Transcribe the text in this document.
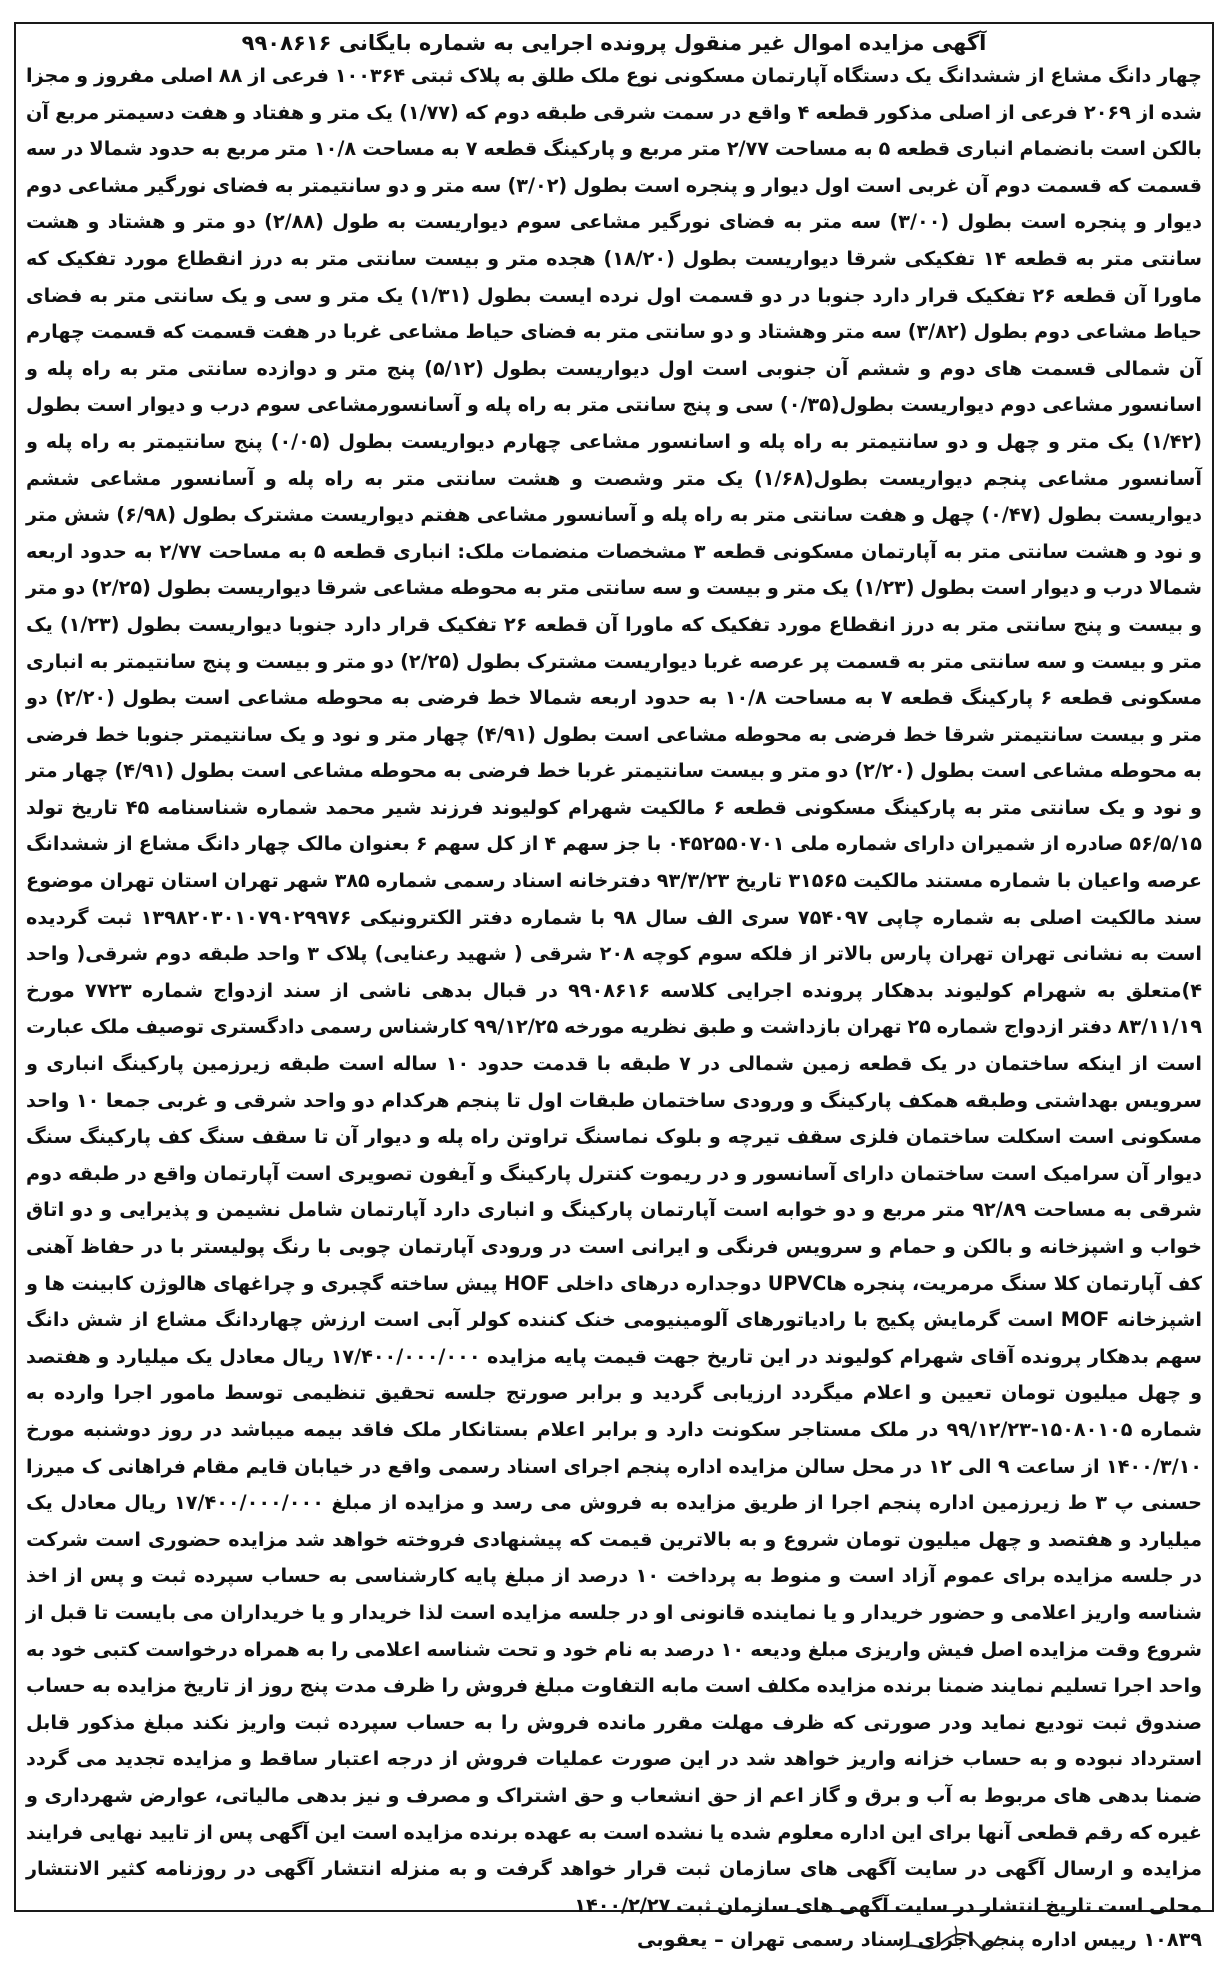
آگهی مزایده اموال غیر منقول پرونده اجرایی به شماره بایگانی ۹۹۰۸۶۱۶

چهار دانگ مشاع از ششدانگ یک دستگاه آپارتمان مسکونی نوع ملک طلق به پلاک ثبتی ۱۰۰۳۶۴ فرعی از ۸۸ اصلی مفروز و مجزا شده از ۲۰۶۹ فرعی از اصلی مذکور قطعه ۴ واقع در سمت شرقی طبقه دوم که (۱/۷۷) یک متر و هفتاد و هفت دسیمتر مربع آن بالکن است بانضمام انباری قطعه ۵ به مساحت ۲/۷۷ متر مربع و پارکینگ قطعه ۷ به مساحت ۱۰/۸ متر مربع به حدود شمالا در سه قسمت که قسمت دوم آن غربی است اول دیوار و پنجره است بطول (۳/۰۲) سه متر و دو سانتیمتر به فضای نورگیر مشاعی دوم دیوار و پنجره است بطول (۳/۰۰) سه متر به فضای نورگیر مشاعی سوم دیواریست به طول (۲/۸۸) دو متر و هشتاد و هشت سانتی متر به قطعه ۱۴ تفکیکی شرقا دیواریست بطول (۱۸/۲۰) هجده متر و بیست سانتی متر به درز انقطاع مورد تفکیک که ماورا آن قطعه ۲۶ تفکیک قرار دارد جنوبا در دو قسمت اول نرده ایست بطول (۱/۳۱) یک متر و سی و یک سانتی متر به فضای حیاط مشاعی دوم بطول (۳/۸۲) سه متر وهشتاد و دو سانتی متر به فضای حیاط مشاعی غربا در هفت قسمت که قسمت چهارم آن شمالی قسمت های دوم و ششم آن جنوبی است اول دیواریست بطول (۵/۱۲) پنج متر و دوازده سانتی متر به راه پله و اسانسور مشاعی دوم دیواریست بطول(۰/۳۵) سی و پنج سانتی متر به راه پله و آسانسورمشاعی سوم درب و دیوار است بطول (۱/۴۲) یک متر و چهل و دو سانتیمتر به راه پله و اسانسور مشاعی چهارم دیواریست بطول (۰/۰۵) پنج سانتیمتر به راه پله و آسانسور مشاعی پنجم دیواریست بطول(۱/۶۸) یک متر وشصت و هشت سانتی متر به راه پله و آسانسور مشاعی ششم دیواریست بطول (۰/۴۷) چهل و هفت سانتی متر به راه پله و آسانسور مشاعی هفتم دیواریست مشترک بطول (۶/۹۸) شش متر و نود و هشت سانتی متر به آپارتمان مسکونی قطعه ۳ مشخصات منضمات ملک: انباری قطعه ۵ به مساحت ۲/۷۷ به حدود اربعه شمالا درب و دیوار است بطول (۱/۲۳) یک متر و بیست و سه سانتی متر به محوطه مشاعی شرقا دیواریست بطول (۲/۲۵) دو متر و بیست و پنج سانتی متر به درز انقطاع مورد تفکیک که ماورا آن قطعه ۲۶ تفکیک قرار دارد جنوبا دیواریست بطول (۱/۲۳) یک متر و بیست و سه سانتی متر به قسمت پر عرصه غربا دیواریست مشترک بطول (۲/۲۵) دو متر و بیست و پنج سانتیمتر به انباری مسکونی قطعه ۶ پارکینگ قطعه ۷ به مساحت ۱۰/۸ به حدود اربعه شمالا خط فرضی به محوطه مشاعی است بطول (۲/۲۰) دو متر و بیست سانتیمتر شرقا خط فرضی به محوطه مشاعی است بطول (۴/۹۱) چهار متر و نود و یک سانتیمتر جنوبا خط فرضی به محوطه مشاعی است بطول (۲/۲۰) دو متر و بیست سانتیمتر غربا خط فرضی به محوطه مشاعی است بطول (۴/۹۱) چهار متر و نود و یک سانتی متر به پارکینگ مسکونی قطعه ۶ مالکیت شهرام کولیوند فرزند شیر محمد شماره شناسنامه ۴۵ تاریخ تولد ۵۶/۵/۱۵ صادره از شمیران دارای شماره ملی ۰۴۵۲۵۵۰۷۰۱ با جز سهم ۴ از کل سهم ۶ بعنوان مالک چهار دانگ مشاع از ششدانگ عرصه واعیان با شماره مستند مالکیت ۳۱۵۶۵ تاریخ ۹۳/۳/۲۳ دفترخانه اسناد رسمی شماره ۳۸۵ شهر تهران استان تهران موضوع سند مالکیت اصلی به شماره چاپی ۷۵۴۰۹۷ سری الف سال ۹۸ با شماره دفتر الکترونیکی ۱۳۹۸۲۰۳۰۱۰۷۹۰۲۹۹۷۶ ثبت گردیده است به نشانی تهران تهران پارس بالاتر از فلکه سوم کوچه ۲۰۸ شرقی ( شهید رعنایی) پلاک ۳ واحد طبقه دوم شرقی( واحد ۴)متعلق به شهرام کولیوند بدهکار پرونده اجرایی کلاسه ۹۹۰۸۶۱۶ در قبال بدهی ناشی از سند ازدواج شماره ۷۷۲۳ مورخ ۸۳/۱۱/۱۹ دفتر ازدواج شماره ۲۵ تهران بازداشت و طبق نظریه مورخه ۹۹/۱۲/۲۵ کارشناس رسمی دادگستری توصیف ملک عبارت است از اینکه ساختمان در یک قطعه زمین شمالی در ۷ طبقه با قدمت حدود ۱۰ ساله است طبقه زیرزمین پارکینگ انباری و سرویس بهداشتی وطبقه همکف پارکینگ و ورودی ساختمان طبقات اول تا پنجم هرکدام دو واحد شرقی و غربی جمعا ۱۰ واحد مسکونی است اسکلت ساختمان فلزی سقف تیرچه و بلوک نماسنگ تراوتن راه پله و دیوار آن تا سقف سنگ کف پارکینگ سنگ دیوار آن سرامیک است ساختمان دارای آسانسور و در ریموت کنترل پارکینگ و آیفون تصویری است آپارتمان واقع در طبقه دوم شرقی به مساحت ۹۲/۸۹ متر مربع و دو خوابه است آپارتمان پارکینگ و انباری دارد آپارتمان شامل نشیمن و پذیرایی و دو اتاق خواب و اشپزخانه و بالکن و حمام و سرویس فرنگی و ایرانی است در ورودی آپارتمان چوبی با رنگ پولیستر با در حفاظ آهنی کف آپارتمان کلا سنگ مرمریت، پنجره هاUPVC دوجداره درهای داخلی HOF پیش ساخته گچبری و چراغهای هالوژن کابینت ها و اشپزخانه MOF است گرمایش پکیج با رادیاتورهای آلومینیومی خنک کننده کولر آبی است ارزش چهاردانگ مشاع از شش دانگ سهم بدهکار پرونده آقای شهرام کولیوند در این تاریخ جهت قیمت پایه مزایده ۱۷/۴۰۰/۰۰۰/۰۰۰ ریال معادل یک میلیارد و هفتصد و چهل میلیون تومان تعیین و اعلام میگردد ارزیابی گردید و برابر صورتج جلسه تحقیق تنظیمی توسط مامور اجرا وارده به شماره ۱۵۰۸۰۱۰۵-۹۹/۱۲/۲۳ در ملک مستاجر سکونت دارد و برابر اعلام بستانکار ملک فاقد بیمه میباشد در روز دوشنبه مورخ ۱۴۰۰/۳/۱۰ از ساعت ۹ الی ۱۲ در محل سالن مزایده اداره پنجم اجرای اسناد رسمی واقع در خیابان قایم مقام فراهانی ک میرزا حسنی پ ۳ ط زیرزمین اداره پنجم اجرا از طریق مزایده به فروش می رسد و مزایده از مبلغ ۱۷/۴۰۰/۰۰۰/۰۰۰ ریال معادل یک میلیارد و هفتصد و چهل میلیون تومان شروع و به بالاترین قیمت که پیشنهادی فروخته خواهد شد مزایده حضوری است شرکت در جلسه مزایده برای عموم آزاد است و منوط به پرداخت ۱۰ درصد از مبلغ پایه کارشناسی به حساب سپرده ثبت و پس از اخذ شناسه واریز اعلامی و حضور خریدار و یا نماینده قانونی او در جلسه مزایده است لذا خریدار و یا خریداران می بایست تا قبل از شروع وقت مزایده اصل فیش واریزی مبلغ ودیعه ۱۰ درصد به نام خود و تحت شناسه اعلامی را به همراه درخواست کتبی خود به واحد اجرا تسلیم نمایند ضمنا برنده مزایده مکلف است مابه التفاوت مبلغ فروش را ظرف مدت پنج روز از تاریخ مزایده به حساب صندوق ثبت تودیع نماید ودر صورتی که ظرف مهلت مقرر مانده فروش را به حساب سپرده ثبت واریز نکند مبلغ مذکور قابل استرداد نبوده و به حساب خزانه واریز خواهد شد در این صورت عملیات فروش از درجه اعتبار ساقط و مزایده تجدید می گردد ضمنا بدهی های مربوط به آب و برق و گاز اعم از حق انشعاب و حق اشتراک و مصرف و نیز بدهی مالیاتی، عوارض شهرداری و غیره که رقم قطعی آنها برای این اداره معلوم شده یا نشده است به عهده برنده مزایده است این آگهی پس از تایید نهایی فرایند مزایده و ارسال آگهی در سایت آگهی های سازمان ثبت قرار خواهد گرفت و به منزله انتشار آگهی در روزنامه کثیر الانتشار محلی است تاریخ انتشار در سایت آگهی های سازمان ثبت ۱۴۰۰/۲/۲۷

۱۰۸۳۹ رییس اداره پنجم اجرای اسناد رسمی تهران – یعقوبی
